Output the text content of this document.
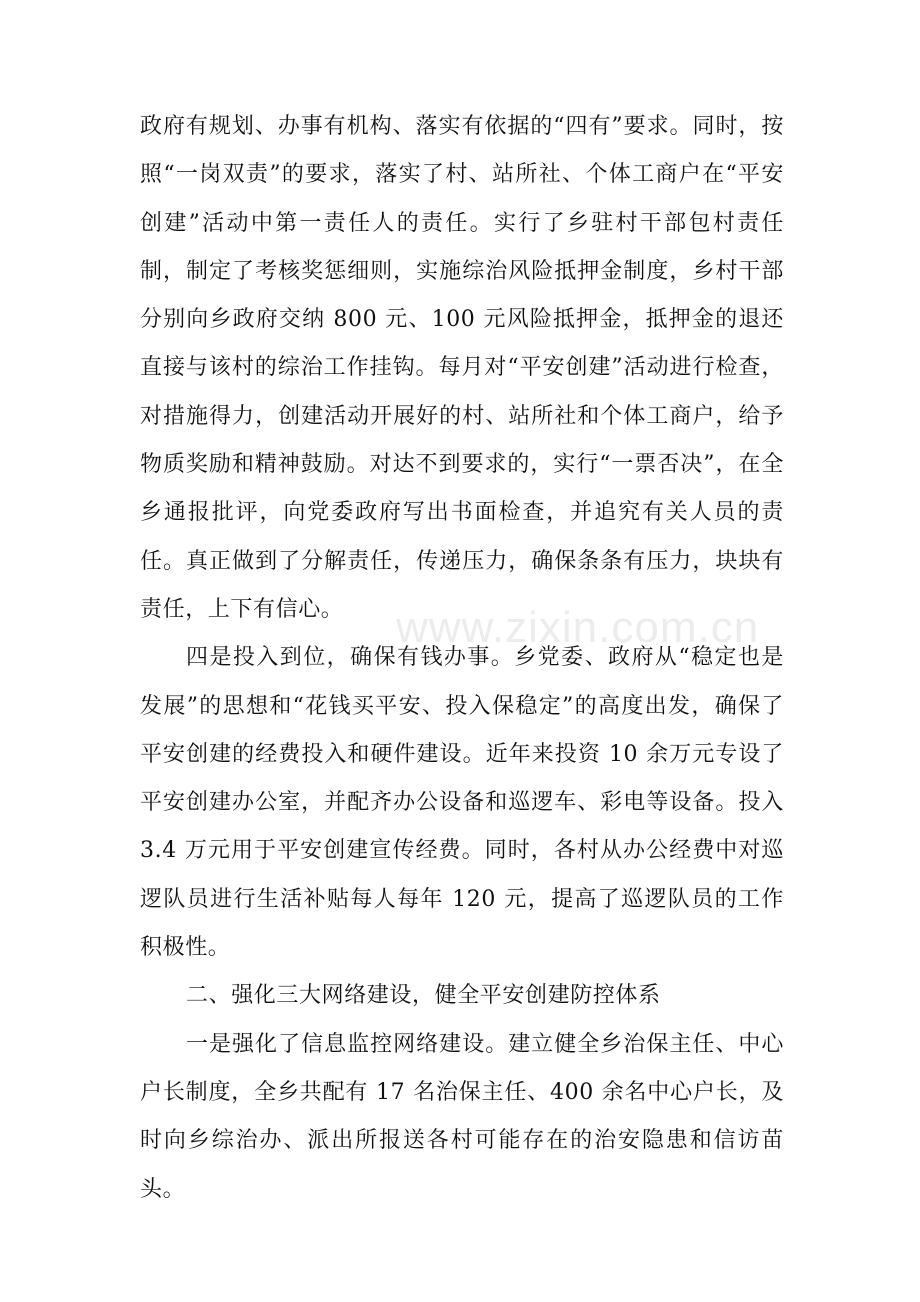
政府有规划、办事有机构、落实有依据的“四有”要求。同时，按照“一岗双责”的要求，落实了村、站所社、个体工商户在“平安创建”活动中第一责任人的责任。实行了乡驻村干部包村责任制，制定了考核奖惩细则，实施综治风险抵押金制度，乡村干部分别向乡政府交纳 800 元、100 元风险抵押金，抵押金的退还直接与该村的综治工作挂钩。每月对“平安创建”活动进行检查，对措施得力，创建活动开展好的村、站所社和个体工商户，给予物质奖励和精神鼓励。对达不到要求的，实行“一票否决”，在全乡通报批评，向党委政府写出书面检查，并追究有关人员的责任。真正做到了分解责任，传递压力，确保条条有压力，块块有责任，上下有信心。

四是投入到位，确保有钱办事。乡党委、政府从“稳定也是发展”的思想和“花钱买平安、投入保稳定”的高度出发，确保了平安创建的经费投入和硬件建设。近年来投资 10 余万元专设了平安创建办公室，并配齐办公设备和巡逻车、彩电等设备。投入 3.4 万元用于平安创建宣传经费。同时，各村从办公经费中对巡逻队员进行生活补贴每人每年 120 元，提高了巡逻队员的工作积极性。

二、强化三大网络建设，健全平安创建防控体系

一是强化了信息监控网络建设。建立健全乡治保主任、中心户长制度，全乡共配有 17 名治保主任、400 余名中心户长，及时向乡综治办、派出所报送各村可能存在的治安隐患和信访苗头。

www.zixin.com.cn
